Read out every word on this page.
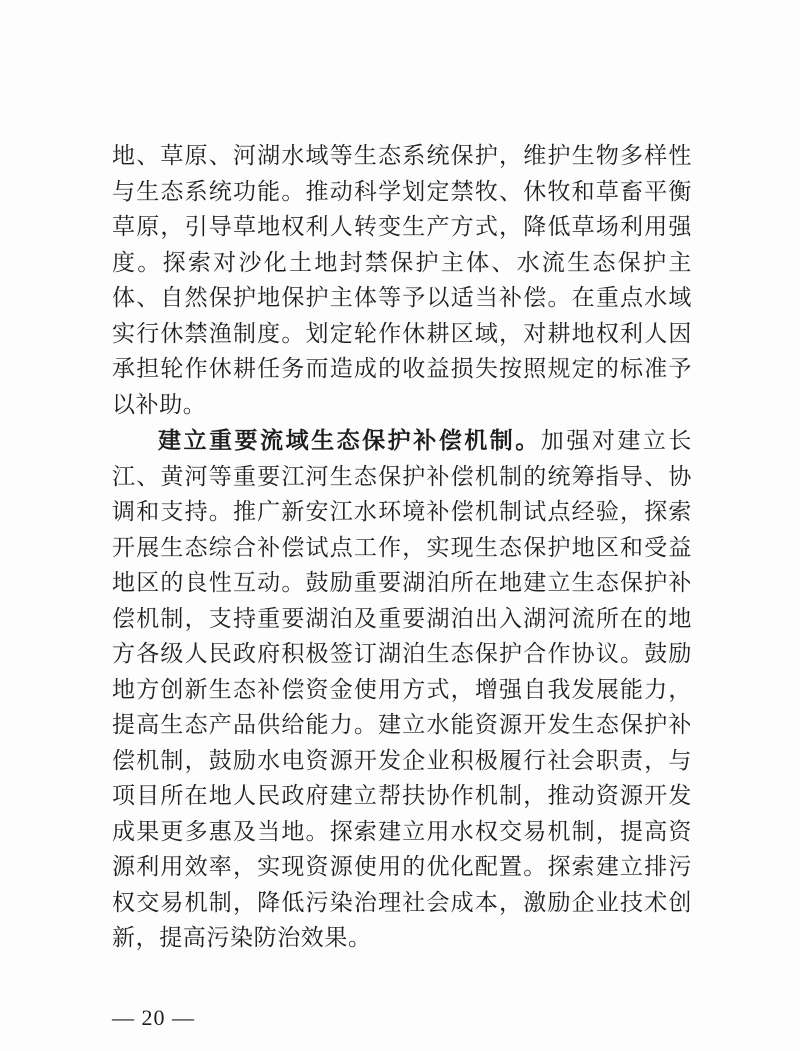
地、草原、河湖水域等生态系统保护，维护生物多样性与生态系统功能。推动科学划定禁牧、休牧和草畜平衡草原，引导草地权利人转变生产方式，降低草场利用强度。探索对沙化土地封禁保护主体、水流生态保护主体、自然保护地保护主体等予以适当补偿。在重点水域实行休禁渔制度。划定轮作休耕区域，对耕地权利人因承担轮作休耕任务而造成的收益损失按照规定的标准予以补助。

建立重要流域生态保护补偿机制。加强对建立长江、黄河等重要江河生态保护补偿机制的统筹指导、协调和支持。推广新安江水环境补偿机制试点经验，探索开展生态综合补偿试点工作，实现生态保护地区和受益地区的良性互动。鼓励重要湖泊所在地建立生态保护补偿机制，支持重要湖泊及重要湖泊出入湖河流所在的地方各级人民政府积极签订湖泊生态保护合作协议。鼓励地方创新生态补偿资金使用方式，增强自我发展能力，提高生态产品供给能力。建立水能资源开发生态保护补偿机制，鼓励水电资源开发企业积极履行社会职责，与项目所在地人民政府建立帮扶协作机制，推动资源开发成果更多惠及当地。探索建立用水权交易机制，提高资源利用效率，实现资源使用的优化配置。探索建立排污权交易机制，降低污染治理社会成本，激励企业技术创新，提高污染防治效果。

— 20 —
